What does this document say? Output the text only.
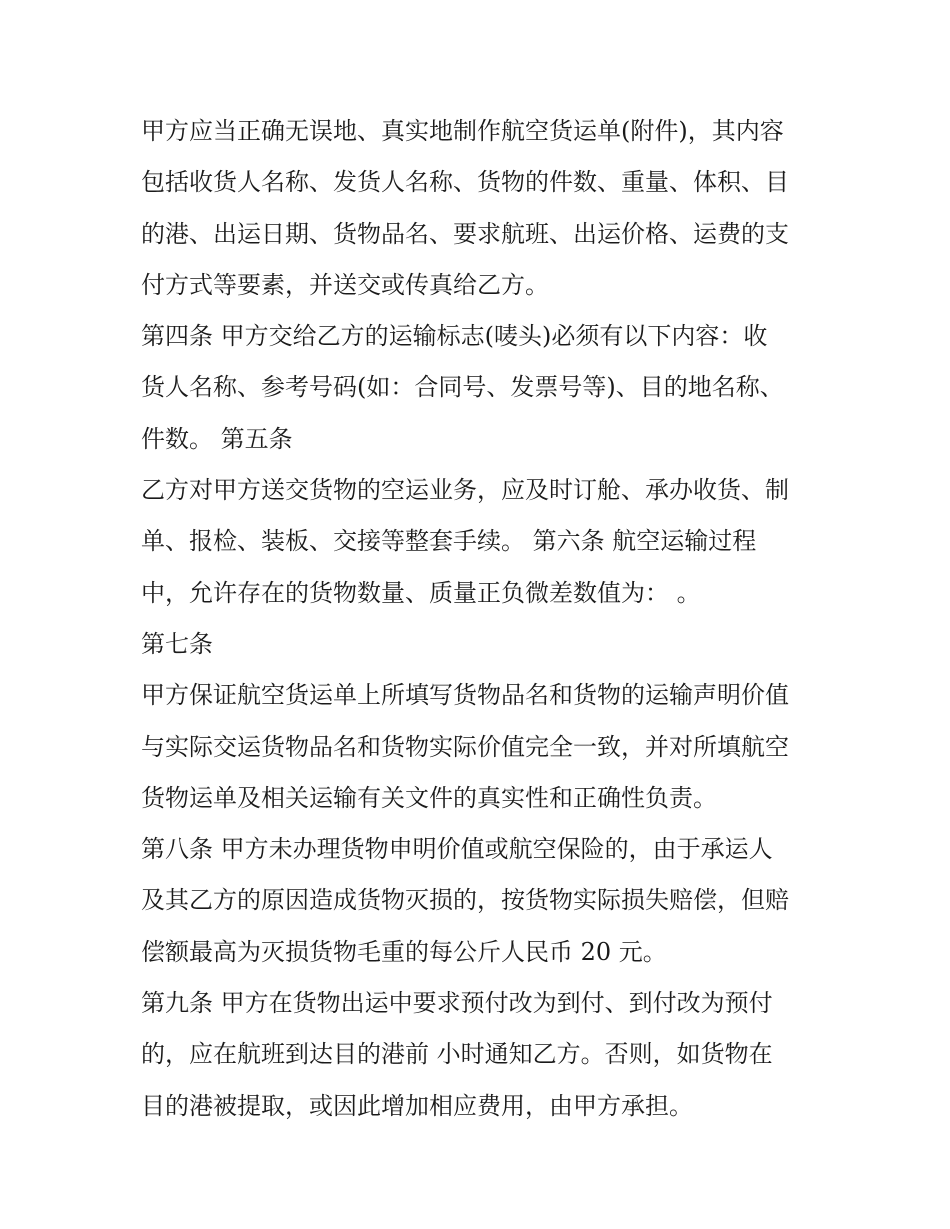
甲方应当正确无误地、真实地制作航空货运单(附件)，其内容
包括收货人名称、发货人名称、货物的件数、重量、体积、目
的港、出运日期、货物品名、要求航班、出运价格、运费的支
付方式等要素，并送交或传真给乙方。
第四条 甲方交给乙方的运输标志(唛头)必须有以下内容：收
货人名称、参考号码(如：合同号、发票号等)、目的地名称、
件数。 第五条
乙方对甲方送交货物的空运业务，应及时订舱、承办收货、制
单、报检、装板、交接等整套手续。 第六条 航空运输过程
中，允许存在的货物数量、质量正负微差数值为： 。
第七条
甲方保证航空货运单上所填写货物品名和货物的运输声明价值
与实际交运货物品名和货物实际价值完全一致，并对所填航空
货物运单及相关运输有关文件的真实性和正确性负责。
第八条 甲方未办理货物申明价值或航空保险的，由于承运人
及其乙方的原因造成货物灭损的，按货物实际损失赔偿，但赔
偿额最高为灭损货物毛重的每公斤人民币 20 元。
第九条 甲方在货物出运中要求预付改为到付、到付改为预付
的，应在航班到达目的港前 小时通知乙方。否则，如货物在
目的港被提取，或因此增加相应费用，由甲方承担。
